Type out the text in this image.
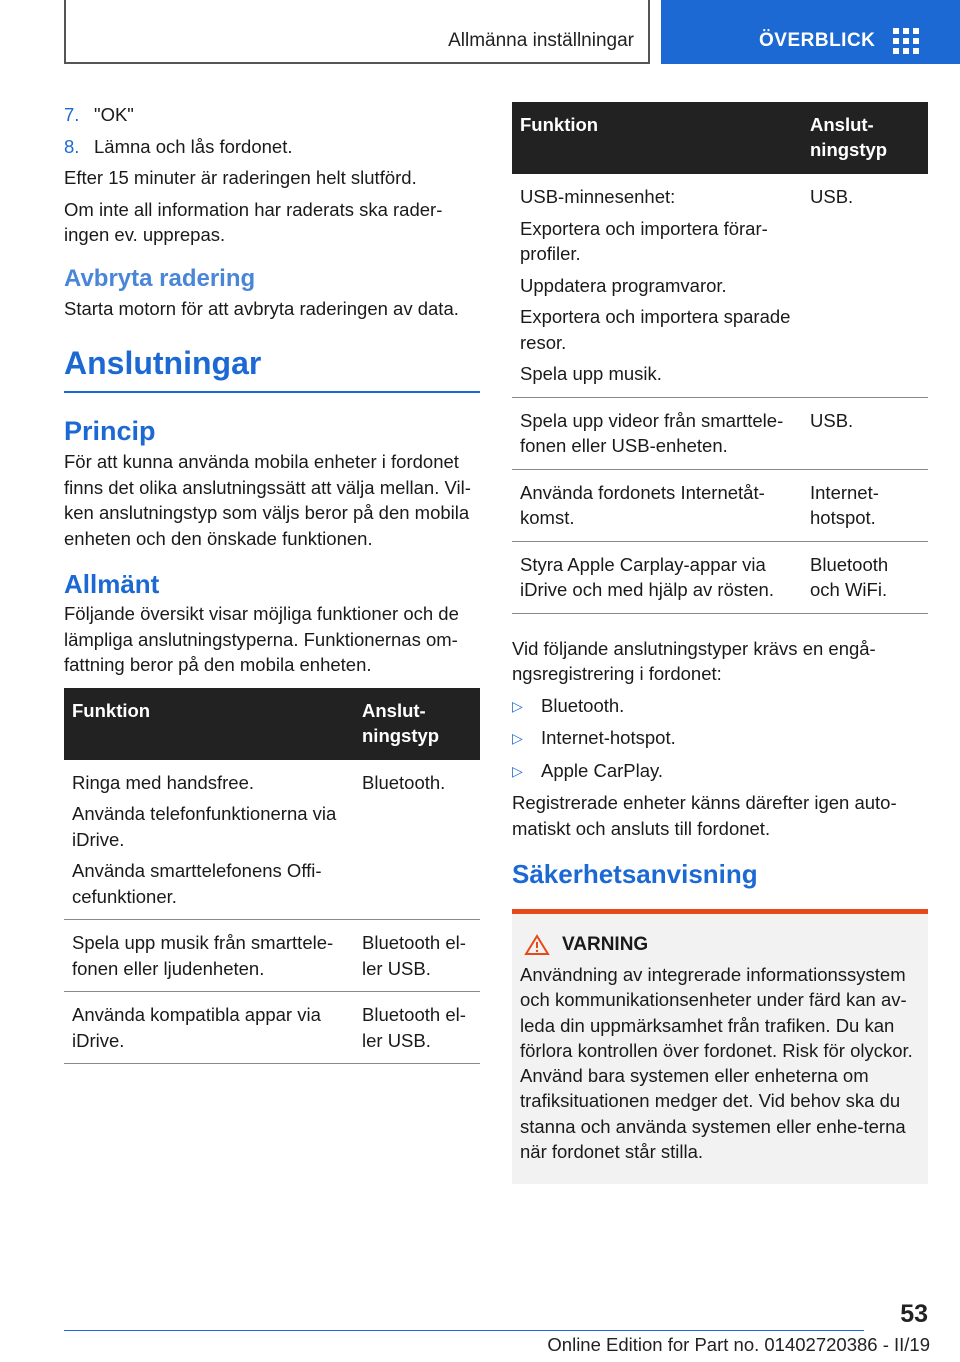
Allmänna inställningar	ÖVERBLICK
7. "OK"
8. Lämna och lås fordonet.

Efter 15 minuter är raderingen helt slutförd.

Om inte all information har raderats ska rader-ingen ev. upprepas.

Avbryta radering

Starta motorn för att avbryta raderingen av data.

Anslutningar
Princip

För att kunna använda mobila enheter i fordonet finns det olika anslutningssätt att välja mellan. Vil-ken anslutningstyp som väljs beror på den mobila enheten och den önskade funktionen.

Allmänt

Följande översikt visar möjliga funktioner och de lämpliga anslutningstyperna. Funktionernas om-fattning beror på den mobila enheten.

Funktion	Anslut-ningstyp

Ringa med handsfree.
Använda telefonfunktionerna via iDrive.
Använda smarttelefonens Offi-cefunktioner.	Bluetooth.

Spela upp musik från smarttele-fonen eller ljudenheten.	Bluetooth el-ler USB.

Använda kompatibla appar via iDrive.	Bluetooth el-ler USB.
Funktion	Anslut-ningstyp

USB-minnesenhet:
Exportera och importera förar-profiler.
Uppdatera programvaror.
Exportera och importera sparade resor.
Spela upp musik.	USB.

Spela upp videor från smarttele-fonen eller USB-enheten.	USB.

Använda fordonets Internetåt-komst.	Internet-hotspot.

Styra Apple Carplay-appar via iDrive och med hjälp av rösten.	Bluetooth och WiFi.

Vid följande anslutningstyper krävs en engå-ngsregistrering i fordonet:

▷ Bluetooth.
▷ Internet-hotspot.
▷ Apple CarPlay.

Registrerade enheter känns därefter igen auto-matiskt och ansluts till fordonet.

Säkerhetsanvisning
VARNING

Användning av integrerade informationssystem och kommunikationsenheter under färd kan av-leda din uppmärksamhet från trafiken. Du kan förlora kontrollen över fordonet. Risk för olyckor. Använd bara systemen eller enheterna om trafiksituationen medger det. Vid behov ska du stanna och använda systemen eller enhe-terna när fordonet står stilla.

53
Online Edition for Part no. 01402720386 - II/19
